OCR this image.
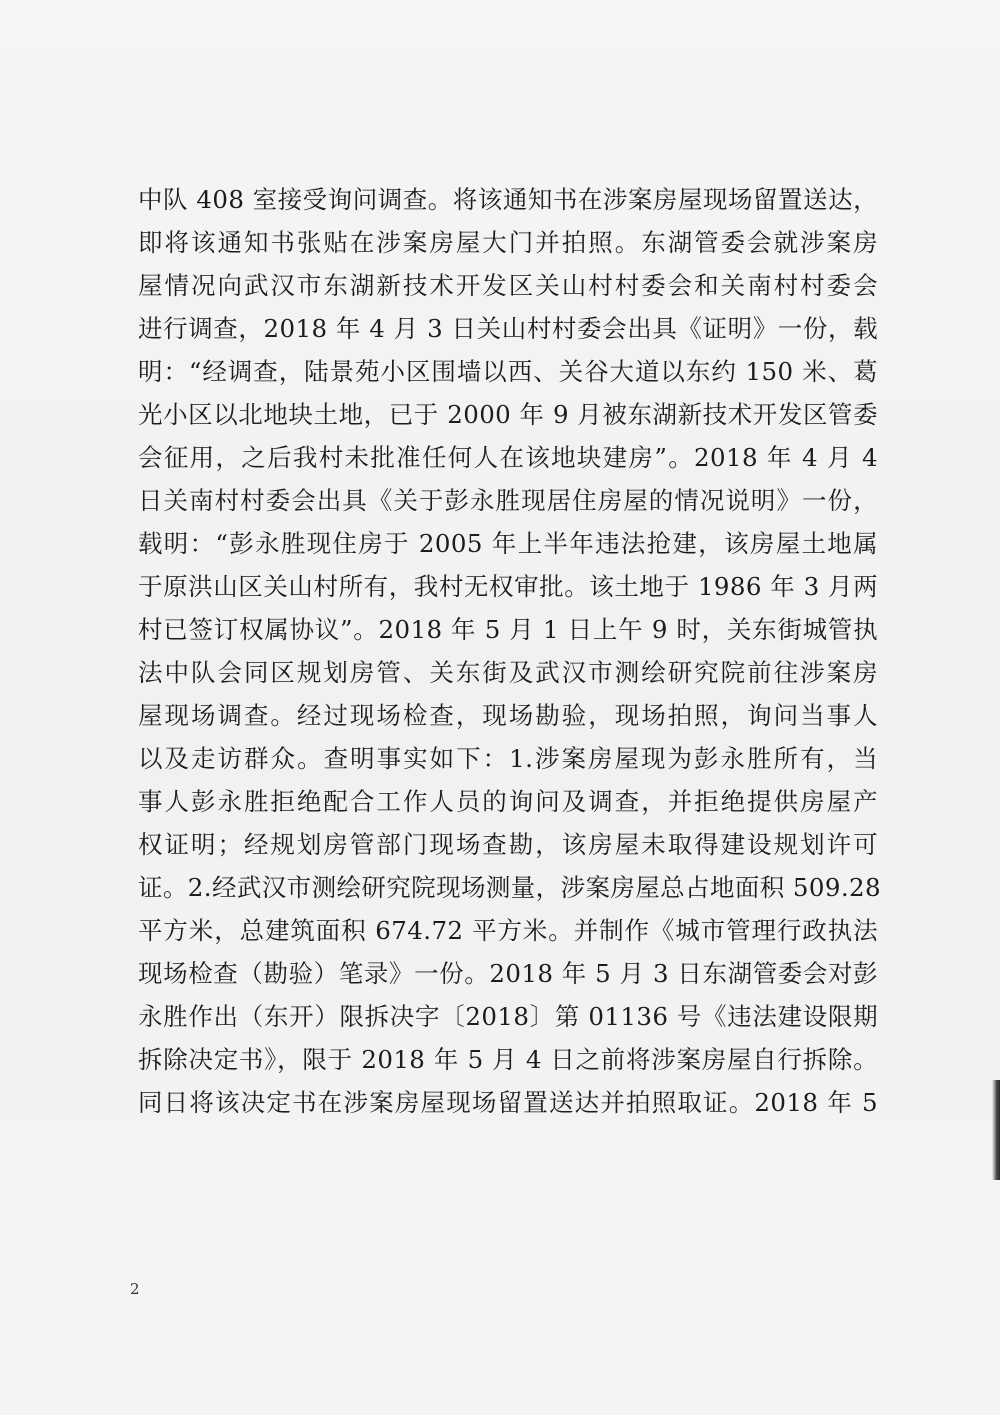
中队 408 室接受询问调查。将该通知书在涉案房屋现场留置送达，
即将该通知书张贴在涉案房屋大门并拍照。东湖管委会就涉案房
屋情况向武汉市东湖新技术开发区关山村村委会和关南村村委会
进行调查，2018 年 4 月 3 日关山村村委会出具《证明》一份，载
明：“经调查，陆景苑小区围墙以西、关谷大道以东约 150 米、葛
光小区以北地块土地，已于 2000 年 9 月被东湖新技术开发区管委
会征用，之后我村未批准任何人在该地块建房”。2018 年 4 月 4
日关南村村委会出具《关于彭永胜现居住房屋的情况说明》一份，
载明：“彭永胜现住房于 2005 年上半年违法抢建，该房屋土地属
于原洪山区关山村所有，我村无权审批。该土地于 1986 年 3 月两
村已签订权属协议”。2018 年 5 月 1 日上午 9 时，关东街城管执
法中队会同区规划房管、关东街及武汉市测绘研究院前往涉案房
屋现场调查。经过现场检查，现场勘验，现场拍照，询问当事人
以及走访群众。查明事实如下：1.涉案房屋现为彭永胜所有，当
事人彭永胜拒绝配合工作人员的询问及调查，并拒绝提供房屋产
权证明；经规划房管部门现场查勘，该房屋未取得建设规划许可
证。2.经武汉市测绘研究院现场测量，涉案房屋总占地面积 509.28
平方米，总建筑面积 674.72 平方米。并制作《城市管理行政执法
现场检查（勘验）笔录》一份。2018 年 5 月 3 日东湖管委会对彭
永胜作出（东开）限拆决字〔2018〕第 01136 号《违法建设限期
拆除决定书》，限于 2018 年 5 月 4 日之前将涉案房屋自行拆除。
同日将该决定书在涉案房屋现场留置送达并拍照取证。2018 年 5
2
